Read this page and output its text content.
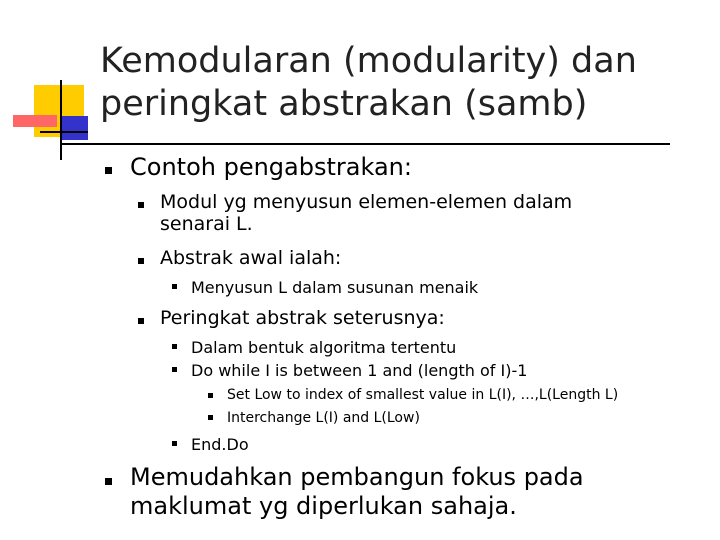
Kemodularan (modularity) dan
peringkat abstrakan (samb)
Contoh pengabstrakan:
Modul yg menyusun elemen-elemen dalam
senarai L.
Abstrak awal ialah:
Menyusun L dalam susunan menaik
Peringkat abstrak seterusnya:
Dalam bentuk algoritma tertentu
Do while I is between 1 and (length of I)-1
Set Low to index of smallest value in L(I), …,L(Length L)
Interchange L(I) and L(Low)
End.Do
Memudahkan pembangun fokus pada
maklumat yg diperlukan sahaja.
